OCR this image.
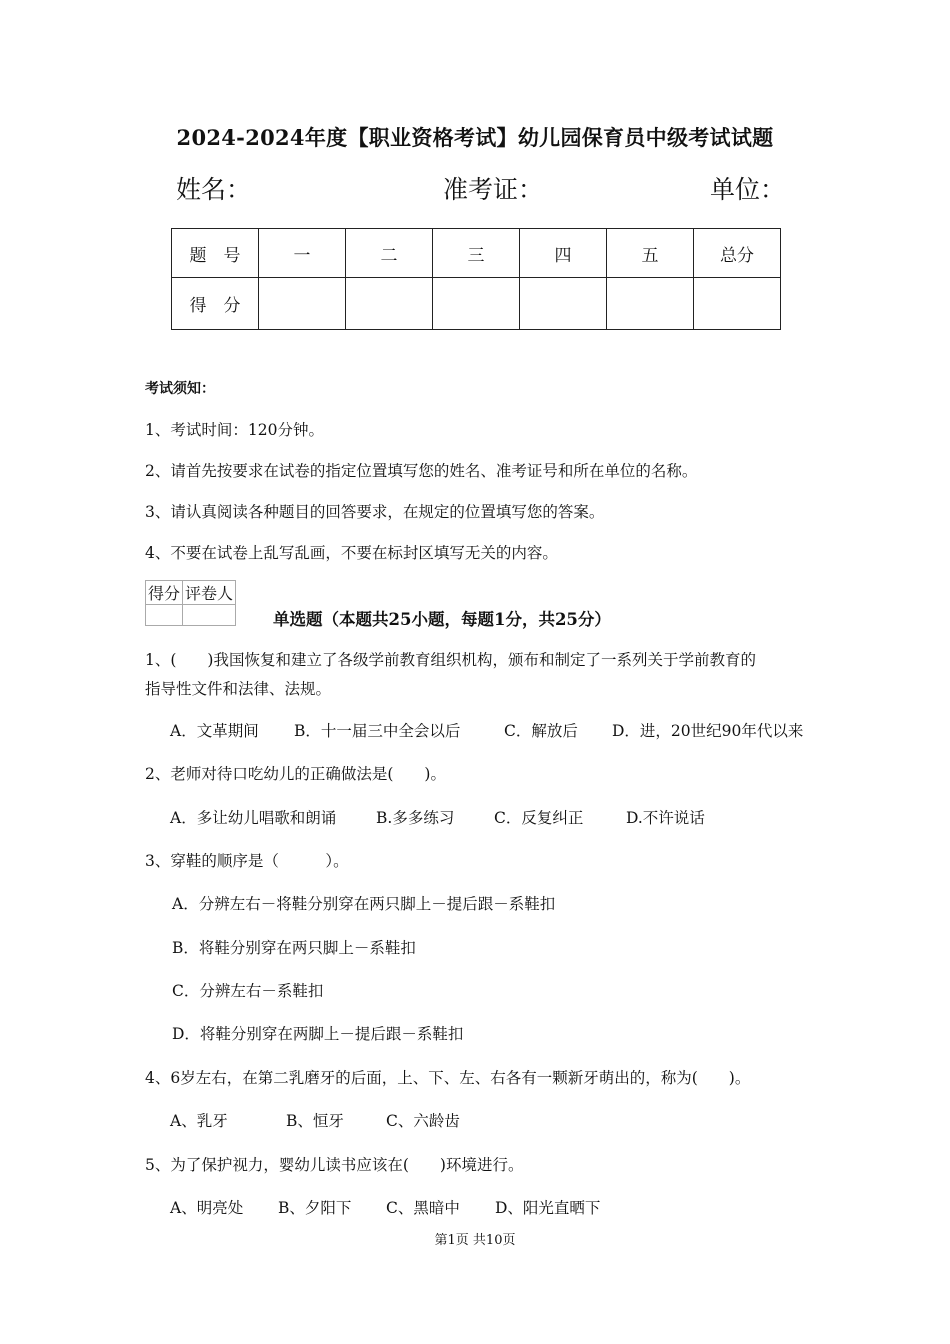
2024-2024年度【职业资格考试】幼儿园保育员中级考试试题
姓名：	准考证：	单位：
题　号	一	二	三	四	五	总分
得　分						
考试须知：
1、考试时间：120分钟。
2、请首先按要求在试卷的指定位置填写您的姓名、准考证号和所在单位的名称。
3、请认真阅读各种题目的回答要求，在规定的位置填写您的答案。
4、不要在试卷上乱写乱画，不要在标封区填写无关的内容。
得分	评卷人

单选题（本题共25小题，每题1分，共25分）
1、(　　)我国恢复和建立了各级学前教育组织机构，颁布和制定了一系列关于学前教育的
指导性文件和法律、法规。
A．文革期间 B．十一届三中全会以后	C．解放后 D．进，20世纪90年代以来
2、老师对待口吃幼儿的正确做法是(　　)。
A．多让幼儿唱歌和朗诵	B.多多练习	C．反复纠正	D.不许说话
3、穿鞋的顺序是（　　　）。
A．分辨左右－将鞋分别穿在两只脚上－提后跟－系鞋扣
B．将鞋分别穿在两只脚上－系鞋扣
C．分辨左右－系鞋扣
D．将鞋分别穿在两脚上－提后跟－系鞋扣
4、6岁左右，在第二乳磨牙的后面，上、下、左、右各有一颗新牙萌出的，称为(　　)。
A、乳牙	B、恒牙	C、六龄齿
5、为了保护视力，婴幼儿读书应该在(　　)环境进行。
A、明亮处 B、夕阳下 C、黑暗中 D、阳光直晒下
第1页 共10页
